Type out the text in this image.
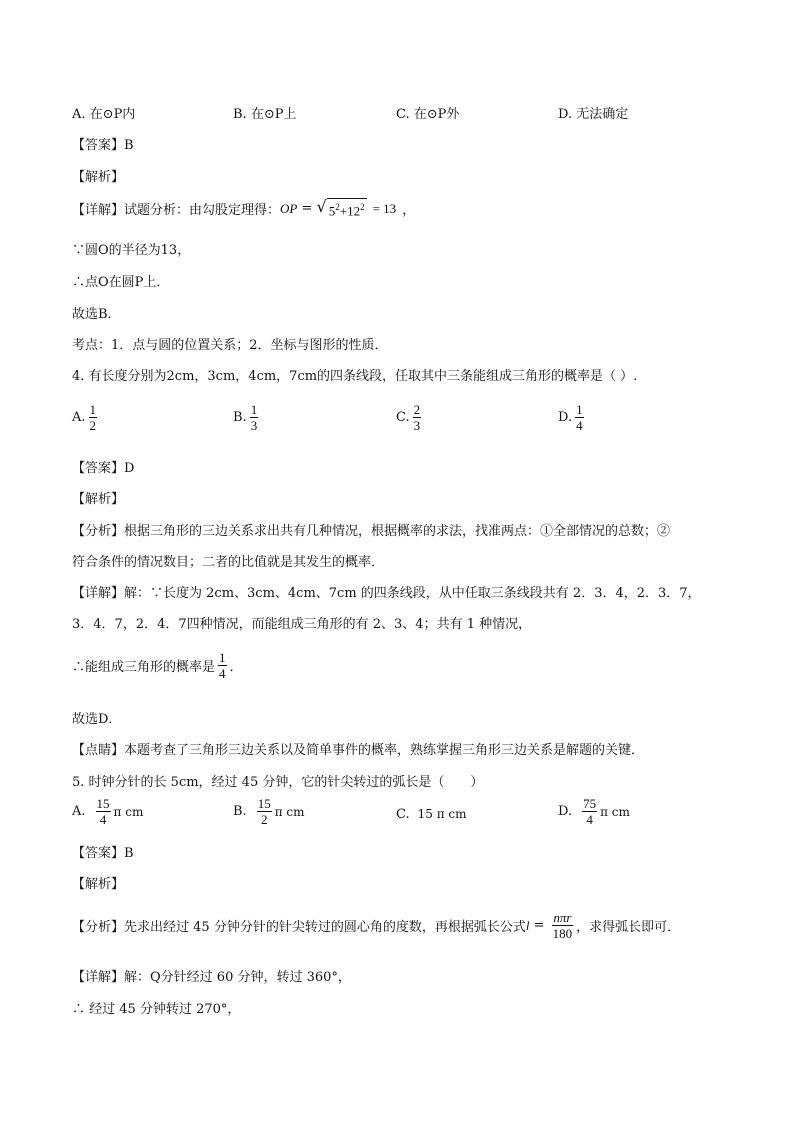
A. 在⊙P内	B. 在⊙P上	C. 在⊙P外	D. 无法确定
【答案】B
【解析】
【详解】 试题分析：由勾股定理得： OP = √ $5^2+12^2 = 13$ ，
∵圆O的半径为13，
∴点O在圆P上．
故选B．
考点：1．点与圆的位置关系；2．坐标与图形的性质．
4. 有长度分别为2cm，3cm，4cm，7cm的四条线段，任取其中三条能组成三角形的概率是（ ）.
A. $\frac{1}{2}$	B. $\frac{1}{3}$	C. $\frac{2}{3}$	D. $\frac{1}{4}$
【答案】D
【解析】
【分析】根据三角形的三边关系求出共有几种情况，根据概率的求法，找准两点：①全部情况的总数；②
符合条件的情况数目；二者的比值就是其发生的概率．
【详解】解：∵长度为 2cm、3cm、4cm、7cm 的四条线段，从中任取三条线段共有 2．3．4，2．3．7，
3．4．7，2．4．7四种情况，而能组成三角形的有 2、3、4；共有 1 种情况，
∴能组成三角形的概率是 $\frac{1}{4}$ ．
故选D．
【点睛】本题考查了三角形三边关系以及简单事件的概率，熟练掌握三角形三边关系是解题的关键．
5. 时钟分针的长 5cm，经过 45 分钟，它的针尖转过的弧长是（　　）
A. $\frac{15}{4}$ π cm	B. $\frac{15}{2}$ π cm	C. 15 π cm	D. $\frac{75}{4}$ π cm
【答案】B
【解析】
【分析】 先求出经过 45 分钟分针的针尖转过的圆心角的度数，再根据弧长公式 $l = \frac{\text{nπr}}{180}$ ，求得弧长即可．
【详解】解：Q分针经过 60 分钟，转过 360°，
∴ 经过 45 分钟转过 270°，
